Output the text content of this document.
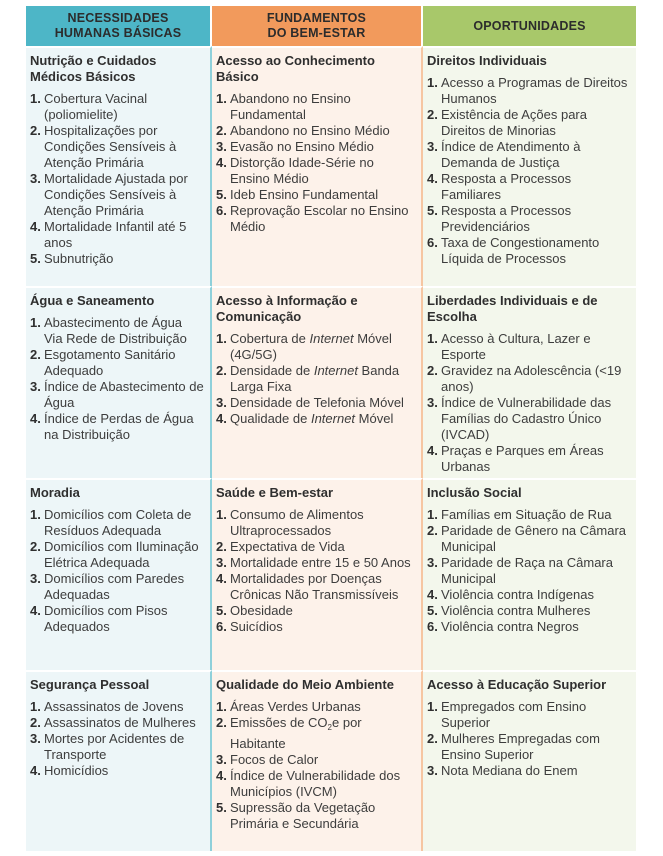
NECESSIDADES
HUMANAS BÁSICAS
FUNDAMENTOS
DO BEM-ESTAR
OPORTUNIDADES
Nutrição e Cuidados Médicos Básicos
1. Cobertura Vacinal (poliomielite)
2. Hospitalizações por Condições Sensíveis à Atenção Primária
3. Mortalidade Ajustada por Condições Sensíveis à Atenção Primária
4. Mortalidade Infantil até 5 anos
5. Subnutrição
Acesso ao Conhecimento Básico
1. Abandono no Ensino Fundamental
2. Abandono no Ensino Médio
3. Evasão no Ensino Médio
4. Distorção Idade-Série no Ensino Médio
5. Ideb Ensino Fundamental
6. Reprovação Escolar no Ensino Médio
Direitos Individuais
1. Acesso a Programas de Direitos Humanos
2. Existência de Ações para Direitos de Minorias
3. Índice de Atendimento à Demanda de Justiça
4. Resposta a Processos Familiares
5. Resposta a Processos Previdenciários
6. Taxa de Congestionamento Líquida de Processos
Água e Saneamento
1. Abastecimento de Água Via Rede de Distribuição
2. Esgotamento Sanitário Adequado
3. Índice de Abastecimento de Água
4. Índice de Perdas de Água na Distribuição
Acesso à Informação e Comunicação
1. Cobertura de Internet Móvel (4G/5G)
2. Densidade de Internet Banda Larga Fixa
3. Densidade de Telefonia Móvel
4. Qualidade de Internet Móvel
Liberdades Individuais e de Escolha
1. Acesso à Cultura, Lazer e Esporte
2. Gravidez na Adolescência (<19 anos)
3. Índice de Vulnerabilidade das Famílias do Cadastro Único (IVCAD)
4. Praças e Parques em Áreas Urbanas
Moradia
1. Domicílios com Coleta de Resíduos Adequada
2. Domicílios com Iluminação Elétrica Adequada
3. Domicílios com Paredes Adequadas
4. Domicílios com Pisos Adequados
Saúde e Bem-estar
1. Consumo de Alimentos Ultraprocessados
2. Expectativa de Vida
3. Mortalidade entre 15 e 50 Anos
4. Mortalidades por Doenças Crônicas Não Transmissíveis
5. Obesidade
6. Suicídios
Inclusão Social
1. Famílias em Situação de Rua
2. Paridade de Gênero na Câmara Municipal
3. Paridade de Raça na Câmara Municipal
4. Violência contra Indígenas
5. Violência contra Mulheres
6. Violência contra Negros
Segurança Pessoal
1. Assassinatos de Jovens
2. Assassinatos de Mulheres
3. Mortes por Acidentes de Transporte
4. Homicídios
Qualidade do Meio Ambiente
1. Áreas Verdes Urbanas
2. Emissões de $CO_2e$ por Habitante
3. Focos de Calor
4. Índice de Vulnerabilidade dos Municípios (IVCM)
5. Supressão da Vegetação Primária e Secundária
Acesso à Educação Superior
1. Empregados com Ensino Superior
2. Mulheres Empregadas com Ensino Superior
3. Nota Mediana do Enem
